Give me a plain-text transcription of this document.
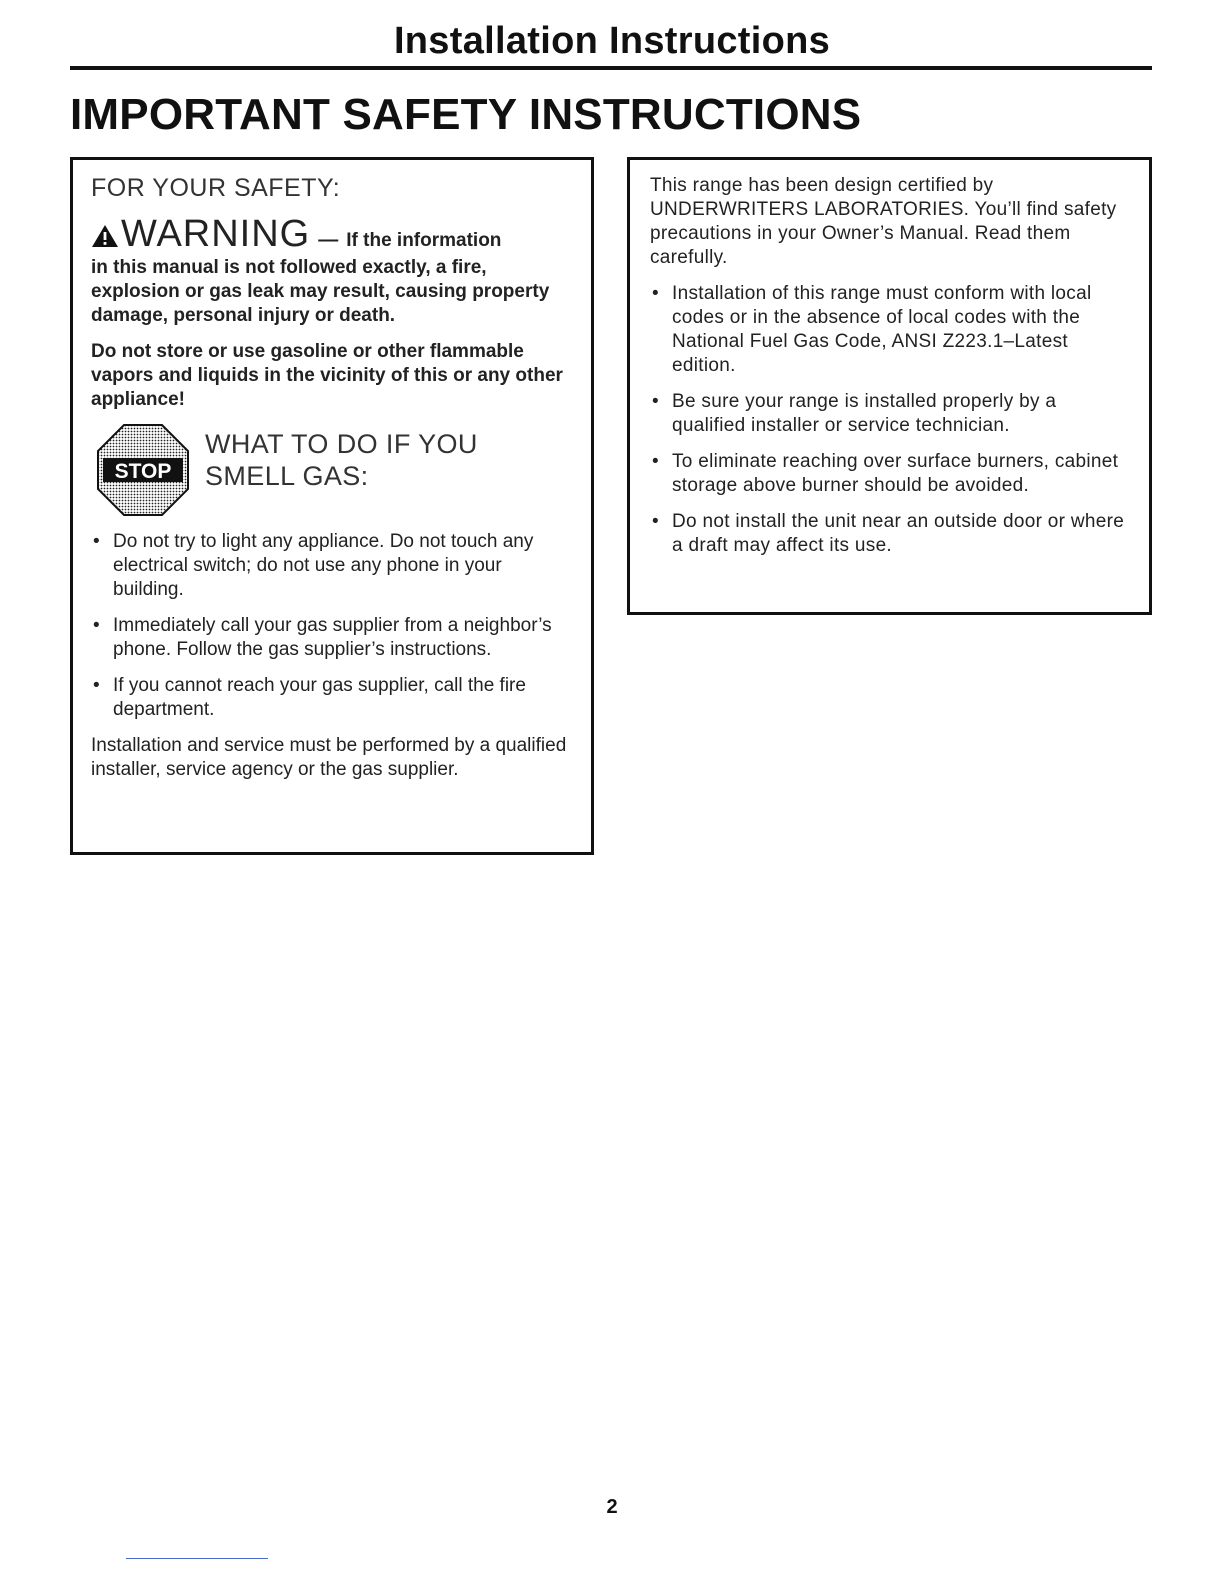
Installation Instructions
IMPORTANT SAFETY INSTRUCTIONS
FOR YOUR SAFETY:
WARNING — If the information

in this manual is not followed exactly, a fire, explosion or gas leak may result, causing property damage, personal injury or death.

Do not store or use gasoline or other flammable vapors and liquids in the vicinity of this or any other appliance!

STOP
WHAT TO DO IF YOU
SMELL GAS:
• Do not try to light any appliance. Do not touch any electrical switch; do not use any phone in your building.
• Immediately call your gas supplier from a neighbor’s phone. Follow the gas supplier’s instructions.
• If you cannot reach your gas supplier, call the fire department.

Installation and service must be performed by a qualified installer, service agency or the gas supplier.

This range has been design certified by UNDERWRITERS LABORATORIES. You’ll find safety precautions in your Owner’s Manual. Read them carefully.

• Installation of this range must conform with local codes or in the absence of local codes with the National Fuel Gas Code, ANSI Z223.1–Latest edition.
• Be sure your range is installed properly by a qualified installer or service technician.
• To eliminate reaching over surface burners, cabinet storage above burner should be avoided.
• Do not install the unit near an outside door or where a draft may affect its use.
2
